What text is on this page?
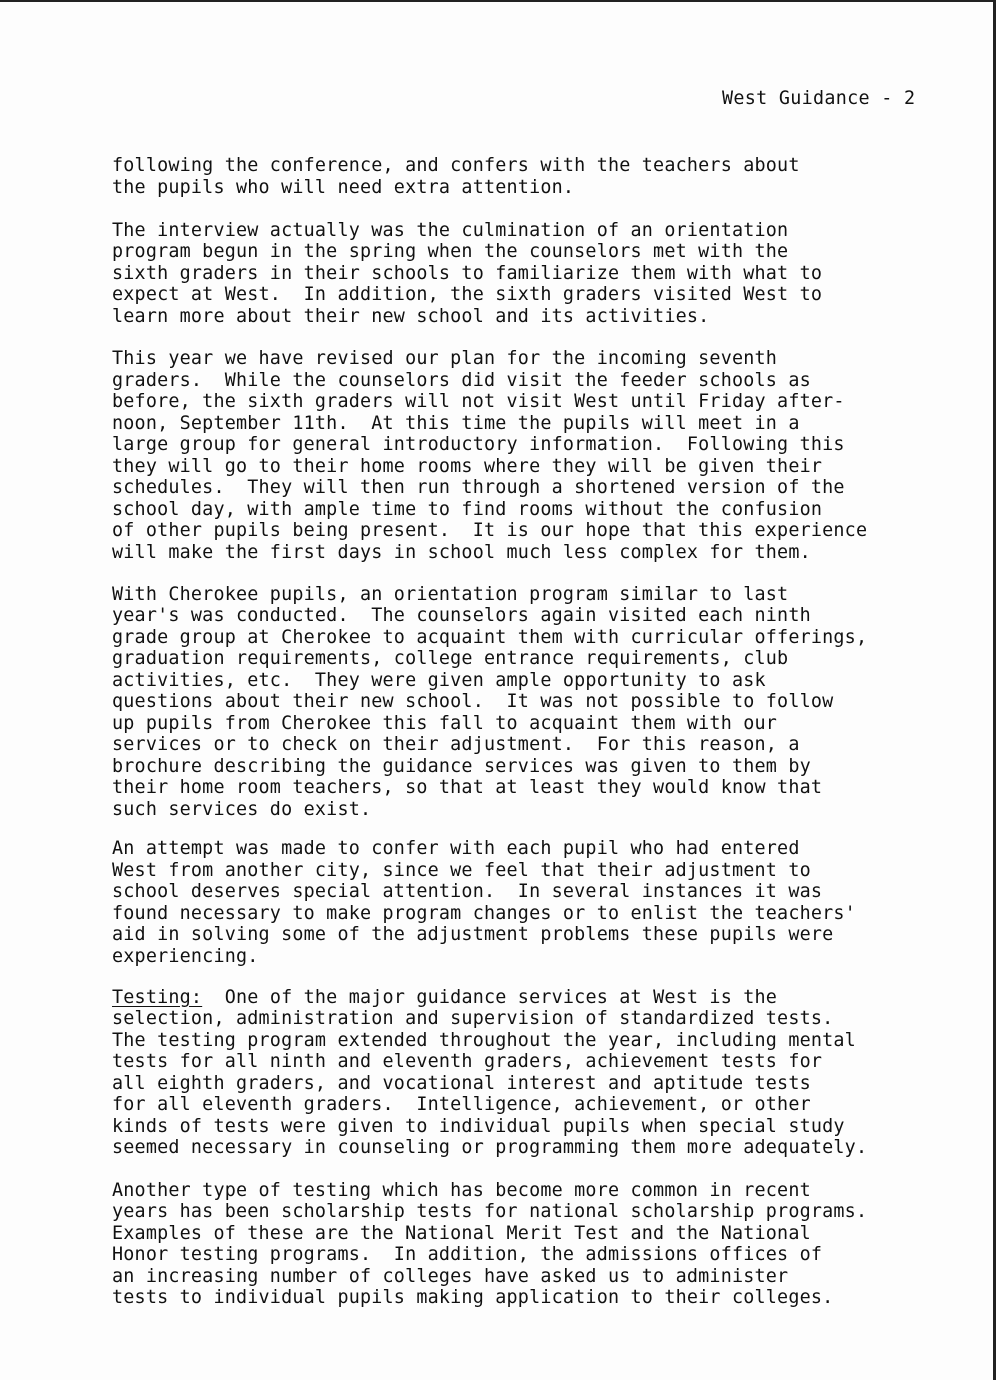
West Guidance - 2
following the conference, and confers with the teachers about
the pupils who will need extra attention.
The interview actually was the culmination of an orientation
program begun in the spring when the counselors met with the
sixth graders in their schools to familiarize them with what to
expect at West.  In addition, the sixth graders visited West to
learn more about their new school and its activities.
This year we have revised our plan for the incoming seventh
graders.  While the counselors did visit the feeder schools as
before, the sixth graders will not visit West until Friday after-
noon, September 11th.  At this time the pupils will meet in a
large group for general introductory information.  Following this
they will go to their home rooms where they will be given their
schedules.  They will then run through a shortened version of the
school day, with ample time to find rooms without the confusion
of other pupils being present.  It is our hope that this experience
will make the first days in school much less complex for them.
With Cherokee pupils, an orientation program similar to last
year's was conducted.  The counselors again visited each ninth
grade group at Cherokee to acquaint them with curricular offerings,
graduation requirements, college entrance requirements, club
activities, etc.  They were given ample opportunity to ask
questions about their new school.  It was not possible to follow
up pupils from Cherokee this fall to acquaint them with our
services or to check on their adjustment.  For this reason, a
brochure describing the guidance services was given to them by
their home room teachers, so that at least they would know that
such services do exist.
An attempt was made to confer with each pupil who had entered
West from another city, since we feel that their adjustment to
school deserves special attention.  In several instances it was
found necessary to make program changes or to enlist the teachers'
aid in solving some of the adjustment problems these pupils were
experiencing.
Testing:  One of the major guidance services at West is the
selection, administration and supervision of standardized tests.
The testing program extended throughout the year, including mental
tests for all ninth and eleventh graders, achievement tests for
all eighth graders, and vocational interest and aptitude tests
for all eleventh graders.  Intelligence, achievement, or other
kinds of tests were given to individual pupils when special study
seemed necessary in counseling or programming them more adequately.
Another type of testing which has become more common in recent
years has been scholarship tests for national scholarship programs.
Examples of these are the National Merit Test and the National
Honor testing programs.  In addition, the admissions offices of
an increasing number of colleges have asked us to administer
tests to individual pupils making application to their colleges.
